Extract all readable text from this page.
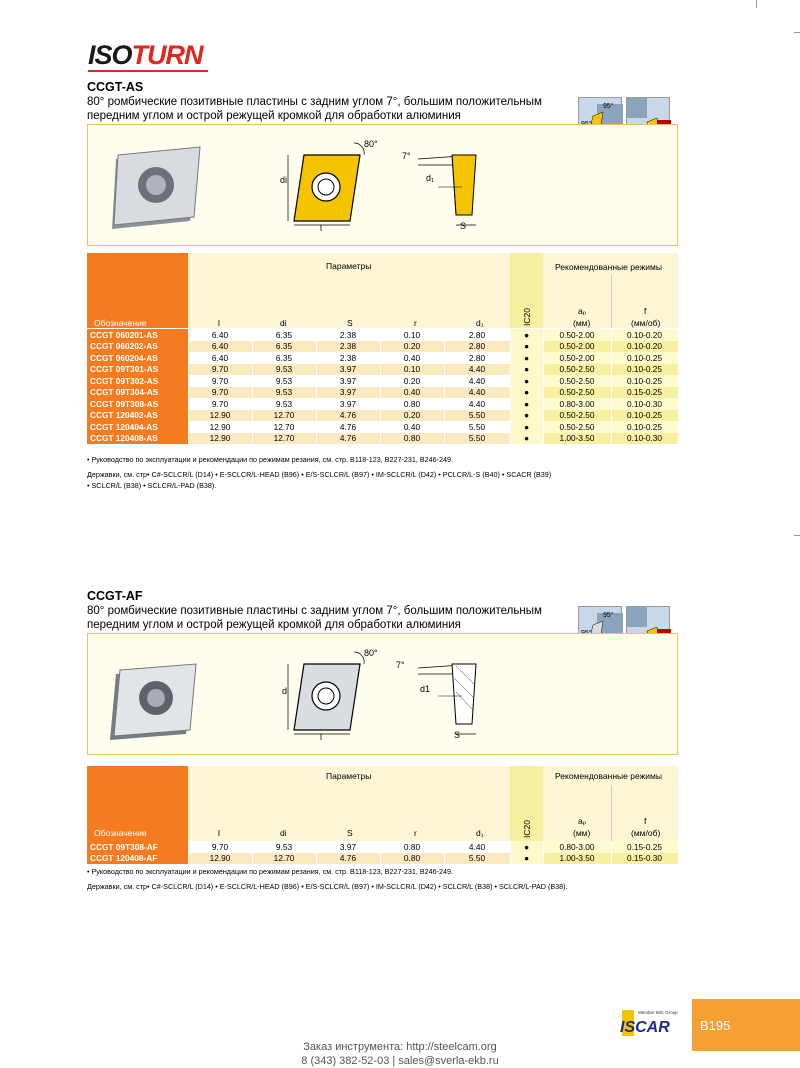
ISOTURN
CCGT-AS
80° ромбические позитивные пластины с задним углом 7°, большим положительным
передним углом и острой режущей кромкой для обработки алюминия
95°
80°
7°
di	d₁
l	S
Параметры	Рекомендованные режимы
Обозначение	l	di	S	r	d₁	IC20	aₚ
(мм)
f
(мм/об)
CCGT 060201-AS	6.40	6.35	2.38	0.10	2.80	●	0.50-2.00	0.10-0.20
CCGT 060202-AS	6.40	6.35	2.38	0.20	2.80	●	0.50-2.00	0.10-0.20
CCGT 060204-AS	6.40	6.35	2.38	0.40	2.80	●	0.50-2.00	0.10-0.25
CCGT 09T301-AS	9.70	9.53	3.97	0.10	4.40	●	0.50-2.50	0.10-0.25
CCGT 09T302-AS	9.70	9.53	3.97	0.20	4.40	●	0.50-2.50	0.10-0.25
CCGT 09T304-AS	9.70	9.53	3.97	0.40	4.40	●	0.50-2.50	0.15-0.25
CCGT 09T308-AS	9.70	9.53	3.97	0.80	4.40	●	0.80-3.00	0.10-0.30
CCGT 120402-AS	12.90	12.70	4.76	0.20	5.50	●	0.50-2.50	0.10-0.25
CCGT 120404-AS	12.90	12.70	4.76	0.40	5.50	●	0.50-2.50	0.10-0.25
CCGT 120408-AS	12.90	12.70	4.76	0.80	5.50	●	1.00-3.50	0.10-0.30
• Руководство по эксплуатации и рекомендации по режимам резания, см. стр. B118-123, B227-231, B246-249.
Державки, см. стр• C#-SCLCR/L (D14) • E-SCLCR/L-HEAD (B96) • E/S-SCLCR/L (B97) • IM-SCLCR/L (D42) • PCLCR/L-S (B40) • SCACR (B39)
• SCLCR/L (B38) • SCLCR/L-PAD (B38).
CCGT-AF
80° ромбические позитивные пластины с задним углом 7°, большим положительным
передним углом и острой режущей кромкой для обработки алюминия
95°
80°
7°
d	d1
l	S
Параметры	Рекомендованные режимы
Обозначение	l	di	S	r	d₁	IC20	aₚ
(мм)
f
(мм/об)
CCGT 09T308-AF	9.70	9.53	3.97	0.80	4.40	●	0.80-3.00	0.15-0.25
CCGT 120408-AF	12.90	12.70	4.76	0.80	5.50	●	1.00-3.50	0.15-0.30
• Руководство по эксплуатации и рекомендации по режимам резания, см. стр. B118-123, B227-231, B246-249.
Державки, см. стр• C#-SCLCR/L (D14) • E-SCLCR/L-HEAD (B96) • E/S-SCLCR/L (B97) • IM-SCLCR/L (D42) • SCLCR/L (B38) • SCLCR/L-PAD (B38).
Member IMC Group
ISCAR	B195
Заказ инструмента: http://steelcam.org
8 (343) 382-52-03 | sales@sverla-ekb.ru
